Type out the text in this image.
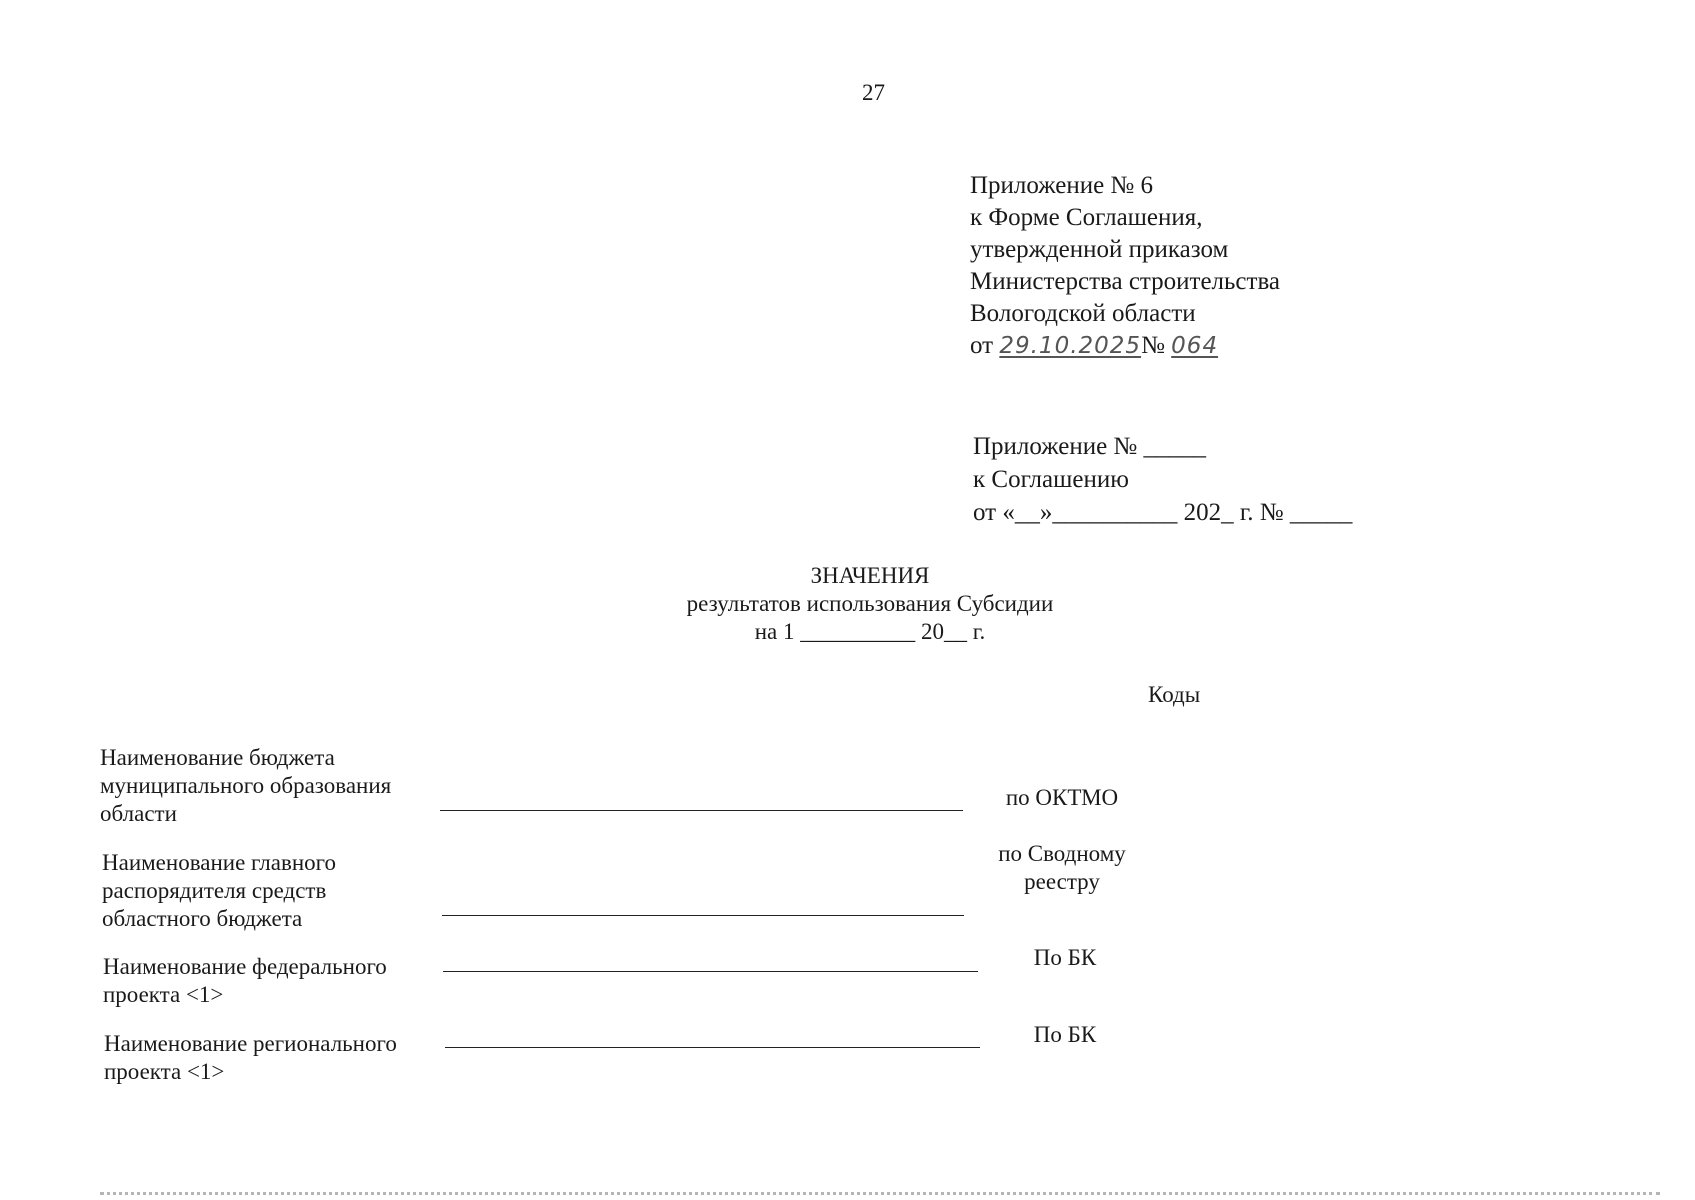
27
Приложение № 6
к Форме Соглашения,
утвержденной приказом
Министерства строительства
Вологодской области
от 29.10.2025№ 064
Приложение № _____
к Соглашению
от «__»__________ 202_ г. № _____
ЗНАЧЕНИЯ
результатов использования Субсидии
на 1 __________ 20__ г.
Коды
Наименование бюджета муниципального образования области
по ОКТМО
Наименование главного распорядителя средств областного бюджета
по Сводному реестру
Наименование федерального проекта <1>
По БК
Наименование регионального проекта <1>
По БК
